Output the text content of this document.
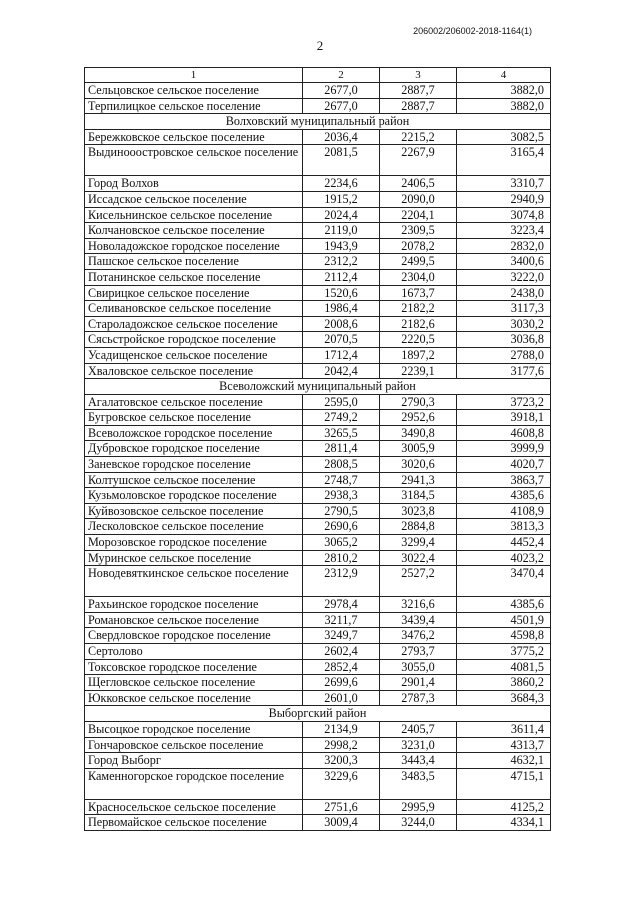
206002/206002-2018-1164(1)
2
1	2	3	4
Сельцовское сельское поселение	2677,0	2887,7	3882,0
Терпилицкое сельское поселение	2677,0	2887,7	3882,0
Волховский муниципальный район			
Бережковское сельское поселение	2036,4	2215,2	3082,5
Выдинооостровское сельское поселение	2081,5	2267,9	3165,4
Город Волхов	2234,6	2406,5	3310,7
Иссадское сельское поселение	1915,2	2090,0	2940,9
Кисельнинское сельское поселение	2024,4	2204,1	3074,8
Колчановское сельское поселение	2119,0	2309,5	3223,4
Новоладожское городское поселение	1943,9	2078,2	2832,0
Пашское сельское поселение	2312,2	2499,5	3400,6
Потанинское сельское поселение	2112,4	2304,0	3222,0
Свирицкое сельское поселение	1520,6	1673,7	2438,0
Селивановское сельское поселение	1986,4	2182,2	3117,3
Староладожское сельское поселение	2008,6	2182,6	3030,2
Сясьстройское городское поселение	2070,5	2220,5	3036,8
Усадищенское сельское поселение	1712,4	1897,2	2788,0
Хваловское сельское поселение	2042,4	2239,1	3177,6
Всеволожский муниципальный район			
Агалатовское сельское поселение	2595,0	2790,3	3723,2
Бугровское сельское поселение	2749,2	2952,6	3918,1
Всеволожское городское поселение	3265,5	3490,8	4608,8
Дубровское городское поселение	2811,4	3005,9	3999,9
Заневское городское поселение	2808,5	3020,6	4020,7
Колтушское сельское поселение	2748,7	2941,3	3863,7
Кузьмоловское городское поселение	2938,3	3184,5	4385,6
Куйвозовское сельское поселение	2790,5	3023,8	4108,9
Лесколовское сельское поселение	2690,6	2884,8	3813,3
Морозовское городское поселение	3065,2	3299,4	4452,4
Муринское сельское поселение	2810,2	3022,4	4023,2
Новодевяткинское сельское поселение	2312,9	2527,2	3470,4
Рахьинское городское поселение	2978,4	3216,6	4385,6
Романовское сельское поселение	3211,7	3439,4	4501,9
Свердловское городское поселение	3249,7	3476,2	4598,8
Сертолово	2602,4	2793,7	3775,2
Токсовское городское поселение	2852,4	3055,0	4081,5
Щегловское сельское поселение	2699,6	2901,4	3860,2
Юкковское сельское поселение	2601,0	2787,3	3684,3
Выборгский район			
Высоцкое городское поселение	2134,9	2405,7	3611,4
Гончаровское сельское поселение	2998,2	3231,0	4313,7
Город Выборг	3200,3	3443,4	4632,1
Каменногорское городское поселение	3229,6	3483,5	4715,1
Красносельское сельское поселение	2751,6	2995,9	4125,2
Первомайское сельское поселение	3009,4	3244,0	4334,1
